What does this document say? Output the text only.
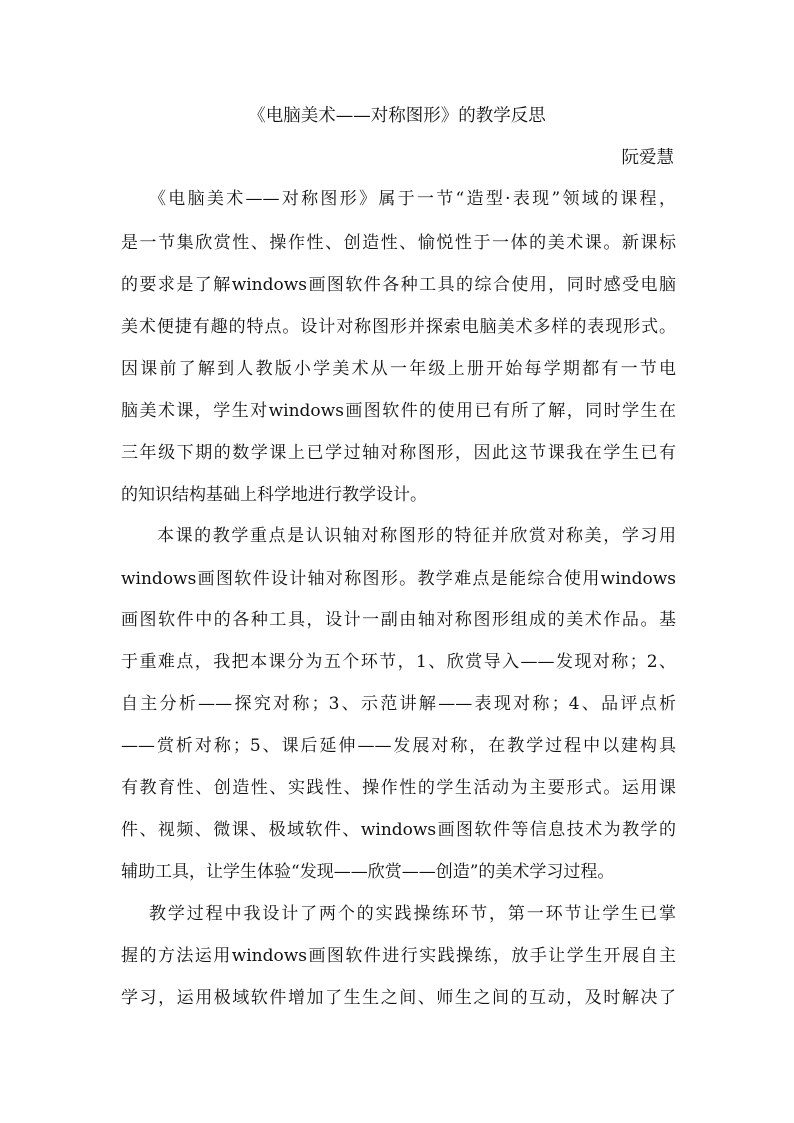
《电脑美术——对称图形》的教学反思
阮爱慧
《电脑美术——对称图形》属于一节“造型·表现”领域的课程，
是一节集欣赏性、操作性、创造性、愉悦性于一体的美术课。新课标
的要求是了解windows画图软件各种工具的综合使用，同时感受电脑
美术便捷有趣的特点。设计对称图形并探索电脑美术多样的表现形式。
因课前了解到人教版小学美术从一年级上册开始每学期都有一节电
脑美术课，学生对windows画图软件的使用已有所了解，同时学生在
三年级下期的数学课上已学过轴对称图形，因此这节课我在学生已有
的知识结构基础上科学地进行教学设计。
本课的教学重点是认识轴对称图形的特征并欣赏对称美，学习用
windows画图软件设计轴对称图形。教学难点是能综合使用windows
画图软件中的各种工具，设计一副由轴对称图形组成的美术作品。基
于重难点，我把本课分为五个环节，1、欣赏导入——发现对称；2、
自主分析——探究对称；3、示范讲解——表现对称；4、品评点析
——赏析对称；5、课后延伸——发展对称，在教学过程中以建构具
有教育性、创造性、实践性、操作性的学生活动为主要形式。运用课
件、视频、微课、极域软件、windows画图软件等信息技术为教学的
辅助工具，让学生体验“发现——欣赏——创造”的美术学习过程。
教学过程中我设计了两个的实践操练环节，第一环节让学生已掌
握的方法运用windows画图软件进行实践操练，放手让学生开展自主
学习，运用极域软件增加了生生之间、师生之间的互动，及时解决了
